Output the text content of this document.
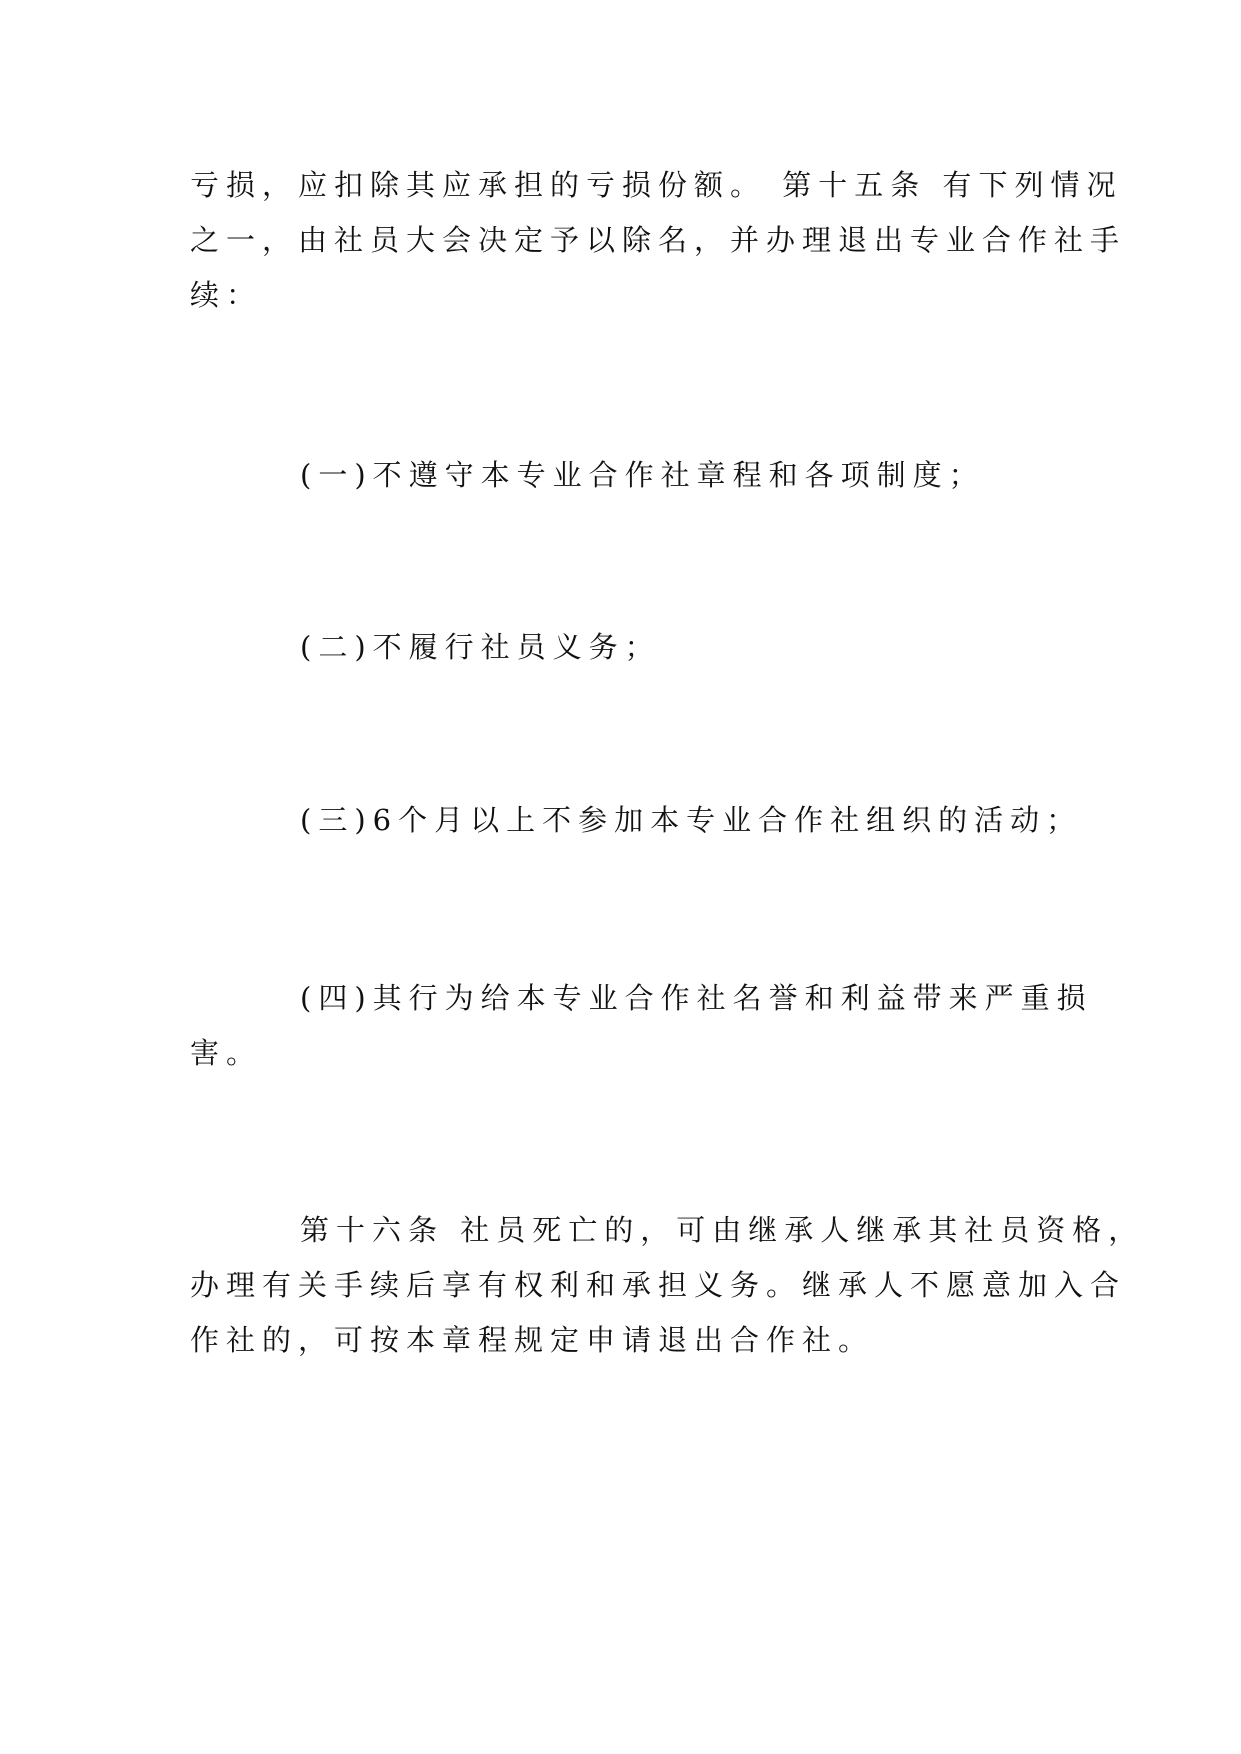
亏损，应扣除其应承担的亏损份额。 第十五条 有下列情况
之一，由社员大会决定予以除名，并办理退出专业合作社手
续：
(一)不遵守本专业合作社章程和各项制度；
(二)不履行社员义务；
(三)6个月以上不参加本专业合作社组织的活动；
(四)其行为给本专业合作社名誉和利益带来严重损
害。
第十六条 社员死亡的，可由继承人继承其社员资格，
办理有关手续后享有权利和承担义务。继承人不愿意加入合
作社的，可按本章程规定申请退出合作社。
